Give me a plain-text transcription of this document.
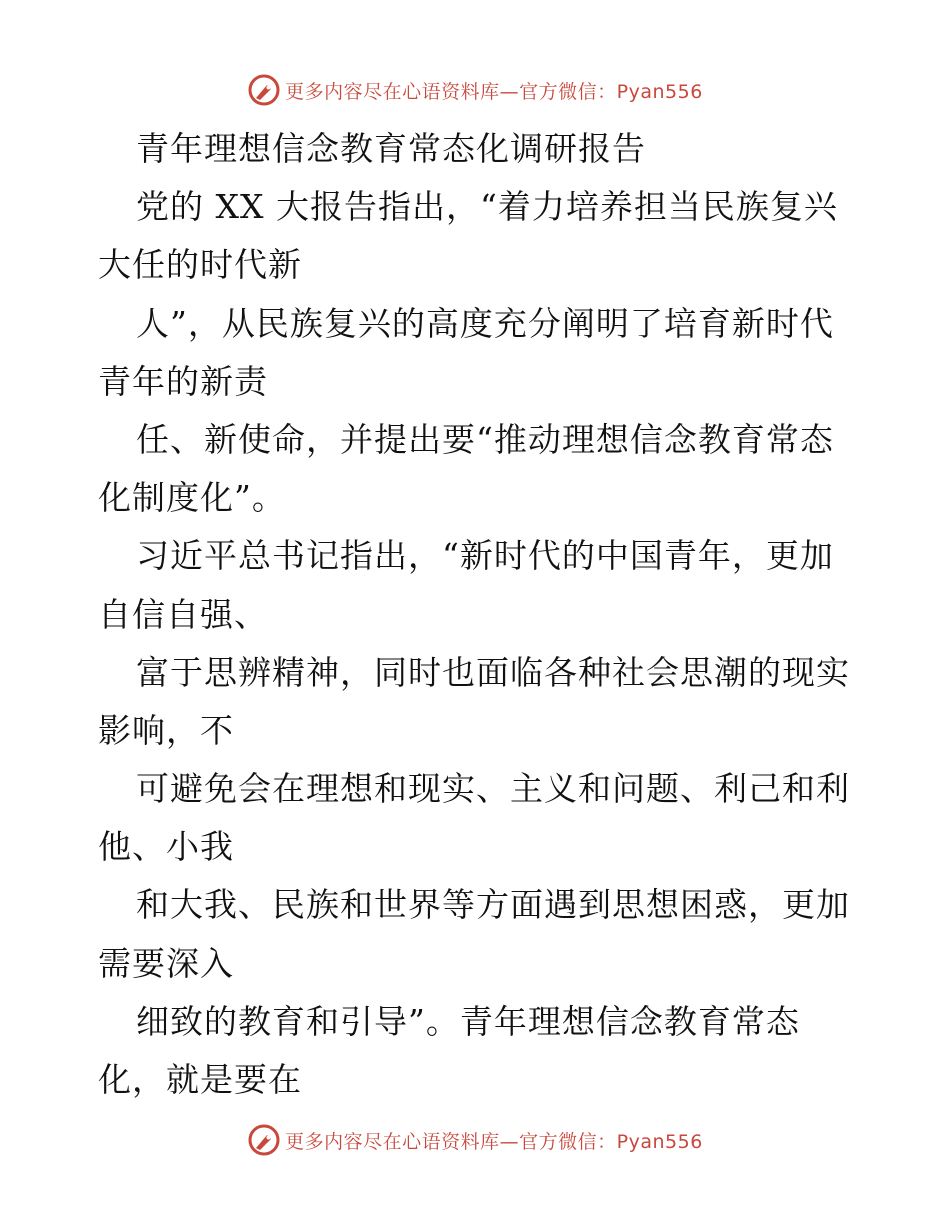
更多内容尽在心语资料库—官方微信：Pyan556
青年理想信念教育常态化调研报告
党的 XX 大报告指出，“着力培养担当民族复兴
大任的时代新
人”，从民族复兴的高度充分阐明了培育新时代
青年的新责
任、新使命，并提出要“推动理想信念教育常态
化制度化”。
习近平总书记指出，“新时代的中国青年，更加
自信自强、
富于思辨精神，同时也面临各种社会思潮的现实
影响，不
可避免会在理想和现实、主义和问题、利己和利
他、小我
和大我、民族和世界等方面遇到思想困惑，更加
需要深入
细致的教育和引导”。青年理想信念教育常态
化，就是要在
更多内容尽在心语资料库—官方微信：Pyan556
